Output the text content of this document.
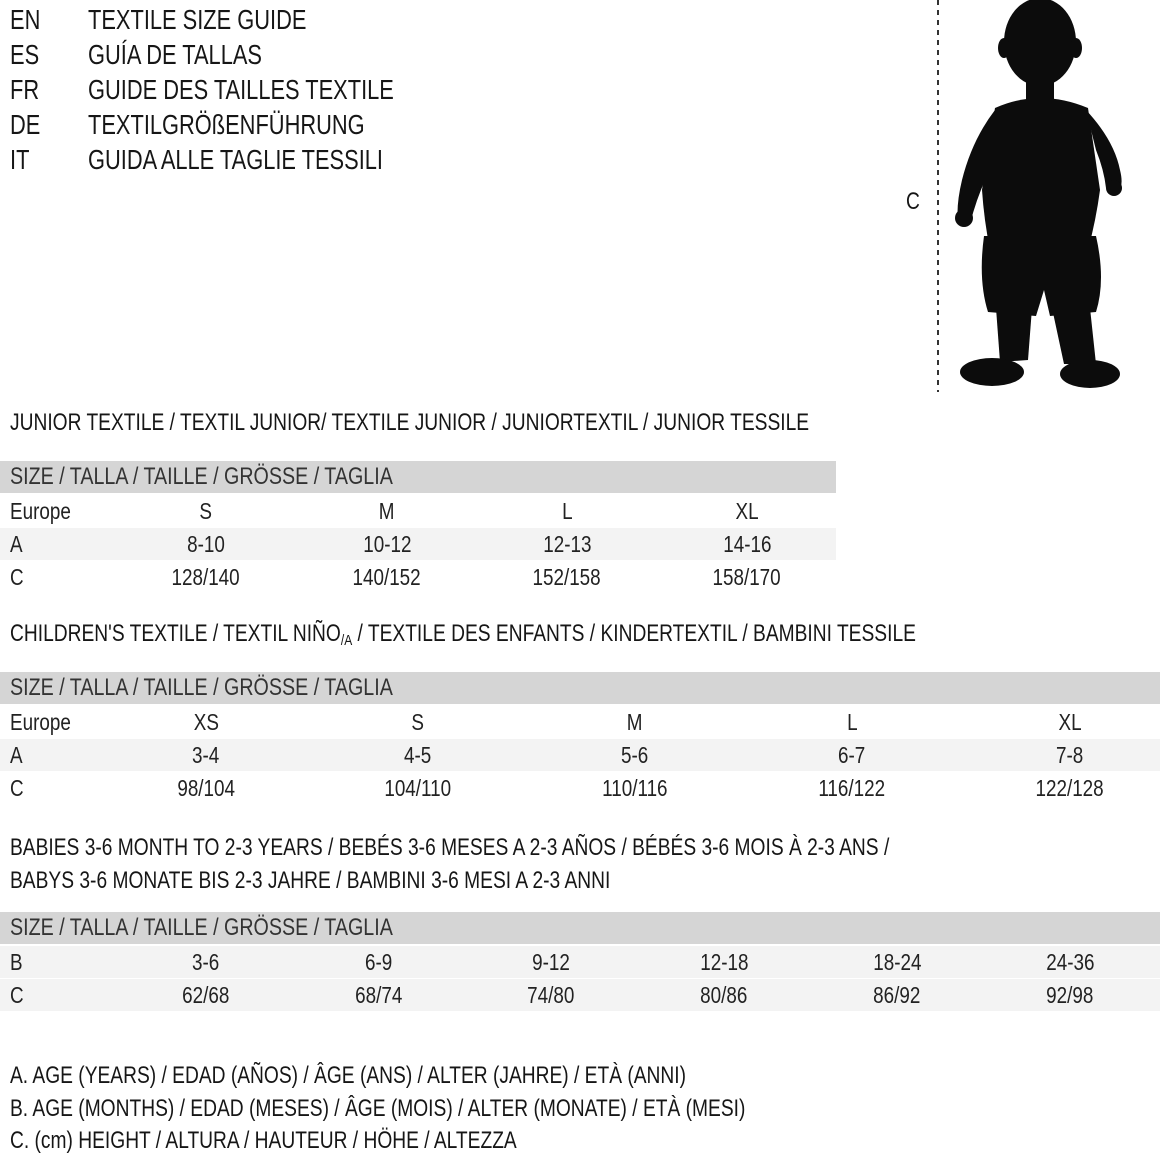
EN TEXTILE SIZE GUIDE
ES GUÍA DE TALLAS
FR GUIDE DES TAILLES TEXTILE
DE TEXTILGRÖßENFÜHRUNG
IT GUIDA ALLE TAGLIE TESSILI
C
JUNIOR TEXTILE / TEXTIL JUNIOR/ TEXTILE JUNIOR / JUNIORTEXTIL / JUNIOR TESSILE
SIZE / TALLA / TAILLE / GRÖSSE / TAGLIA
Europe	S	M	L	XL
A	8-10	10-12	12-13	14-16
C	128/140	140/152	152/158	158/170
CHILDREN'S TEXTILE / TEXTIL NIÑO/A / TEXTILE DES ENFANTS / KINDERTEXTIL / BAMBINI TESSILE
SIZE / TALLA / TAILLE / GRÖSSE / TAGLIA
Europe	XS	S	M	L	XL
A	3-4	4-5	5-6	6-7	7-8
C	98/104	104/110	110/116	116/122	122/128
BABIES 3-6 MONTH TO 2-3 YEARS / BEBÉS 3-6 MESES A 2-3 AÑOS / BÉBÉS 3-6 MOIS À 2-3 ANS /
BABYS 3-6 MONATE BIS 2-3 JAHRE / BAMBINI 3-6 MESI A 2-3 ANNI
SIZE / TALLA / TAILLE / GRÖSSE / TAGLIA
B	3-6	6-9	9-12	12-18	18-24	24-36
C	62/68	68/74	74/80	80/86	86/92	92/98
A. AGE (YEARS) / EDAD (AÑOS) / ÂGE (ANS) / ALTER (JAHRE) / ETÀ (ANNI)
B. AGE (MONTHS) / EDAD (MESES) / ÂGE (MOIS) / ALTER (MONATE) / ETÀ (MESI)
C. (cm) HEIGHT / ALTURA / HAUTEUR / HÖHE / ALTEZZA
